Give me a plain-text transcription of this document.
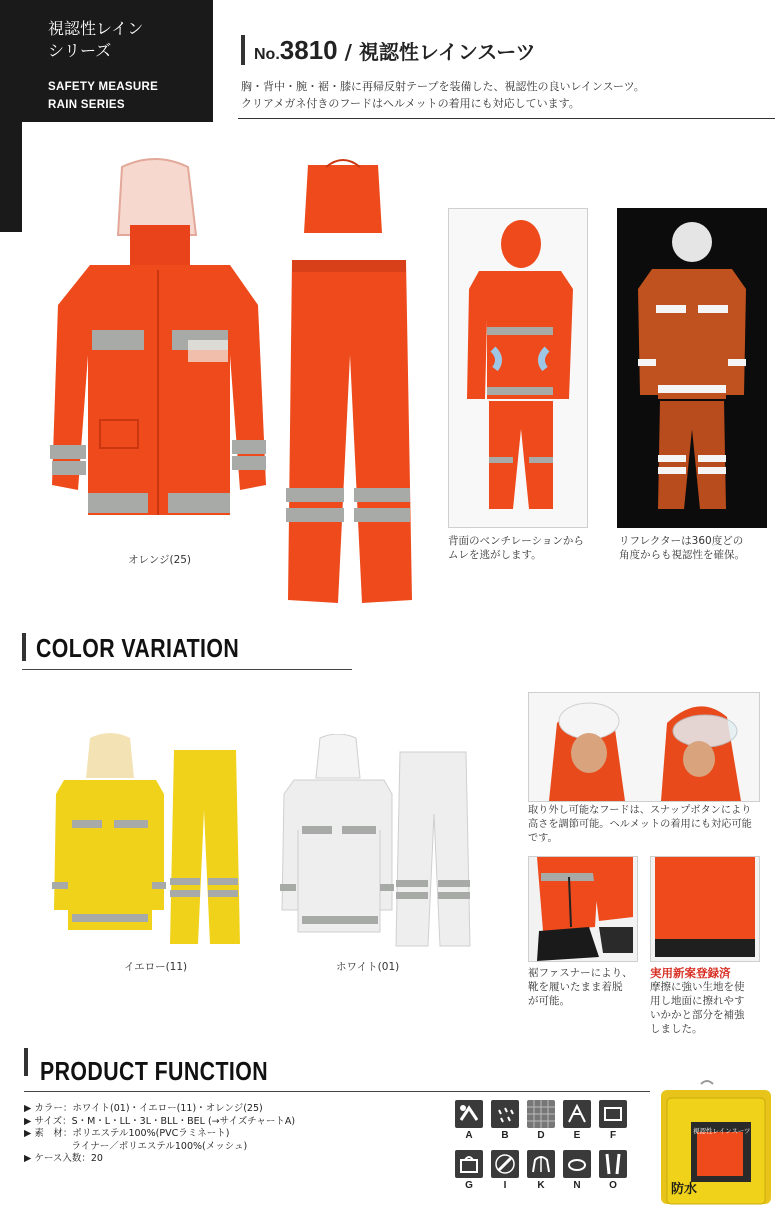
視認性レイン
シリーズ
SAFETY MEASURE
RAIN SERIES
No.3810 / 視認性レインスーツ
胸・背中・腕・裾・膝に再帰反射テープを装備した、視認性の良いレインスーツ。
クリアメガネ付きのフードはヘルメットの着用にも対応しています。
オレンジ(25)
背面のベンチレーションから
ムレを逃がします。
リフレクターは360度どの
角度からも視認性を確保。
COLOR VARIATION
イエロー(11)	ホワイト(01)
取り外し可能なフードは、スナップボタンにより
高さを調節可能。ヘルメットの着用にも対応可能
です。
裾ファスナーにより、
靴を履いたまま着脱
が可能。
実用新案登録済
摩擦に強い生地を使
用し地面に擦れやす
いかかと部分を補強
しました。
PRODUCT FUNCTION
▶ カラー：ホワイト(01)・イエロー(11)・オレンジ(25)
▶ サイズ：S・M・L・LL・3L・BLL・BEL (→サイズチャートA)
▶ 素　材：ポリエステル100%(PVCラミネート)
　　　　　ライナー／ポリエステル100%(メッシュ)
▶ ケース入数：20
A	B	D	E	F
G	I	K	N	O
視認性レインスーツ
防水
